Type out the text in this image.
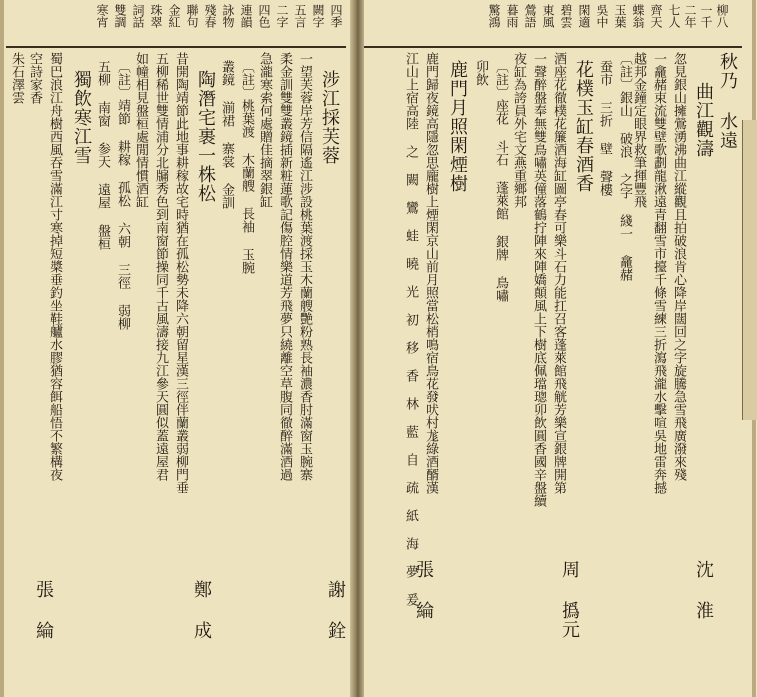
柳八
一千
二年
七人
齊天
蝶翁
玉葉
吳中
閑適
碧雲
東風
鶯語
暮雨
驚鴻
秋乃 水遠
曲江觀濤
忽見銀山擁鶯湧沸曲江縱觀且拍破浪肯心降岸闊回之字旋騰急雪飛廣潑來殘
一龕赭束流雙壁歌劃龍湫遠青翻雪市擡千條雪練三折瀉飛瀧水擊喧吳地雷奔撼
越邦金鐘定眼界救筆揮豐飛
〔註〕銀山 破浪 之字 綫一 龕赭
蚕市 三折 壁 聲樓
花樸玉缸春酒香
酒座花徹樸花簾酒海缸圖亭春可樂斗石力能扛召客蓬萊館飛觥芳樂宣銀牌開第
一聲醉盤奉無雙鳥嘯英僮落鶴拧陣來陣嬌顛風上下樹底佩璫璁卯飲圓香國辛盤續
夜缸為誇員外宅文燕重鄉邦
〔註〕座花 斗石 蓬萊館 銀牌 鳥嘯
卯飲
鹿門月照閑煙樹
鹿門歸夜鏡高隱忽思龐樹上煙閑京山前月照當松梢鳴宿鳥花發吠村尨綠酒醑漢
江山上宿高陸 之 闕 鸞 蛙 曉 光 初 移 香 林 藍 自 疏 紙 海 夢 爰	沈 淮
周 撝元
張 綸
四季
闕字
五言
二字
四色
連韻
詠物
殘春
聯句
金紅
珠翠
詞話
雙調
寒宵
涉江採芙蓉
一望芙蓉岸芳信隔遙江涉設桃葉渡採玉木蘭艘艷粉熟長袖濃香肘滿窗玉腕寨
柔金訓雙雙叢鏡插新粧蓮歌記傷腔情樂道芳飛夢只繞離空草腹同徹醉滿酒過
急瀧寒索何處贈佳摘翠銀缸
〔註〕桃葉渡 木蘭艘 長袖 玉腕
叢鏡 湔裙 寨裳 金訓
陶潛宅裹一株松
昔開陶靖節此地事耕稼故宅時猶在孤松勢未降六朝留星漢三徑伴蘭叢弱柳門垂
五柳稀世雙情浦分北牖秀色到南窗節操同千古風濤接九江參天圓似蓋遠屋君
如幢相見盤桓處閒情慣酒缸
〔註〕靖節 耕稼 孤松 六朝 三徑 弱柳
五柳 南窗 参天 遠屋 盤桓
獨飲寒江雪
蜀巴浪江舟樹西風吞雪滿江寸寒掉短槳垂釣坐鞋艫水膠猶容餌船悟不繁構夜
空詩家香
朱石澤雲
謝 銓
鄭 成
張 綸
